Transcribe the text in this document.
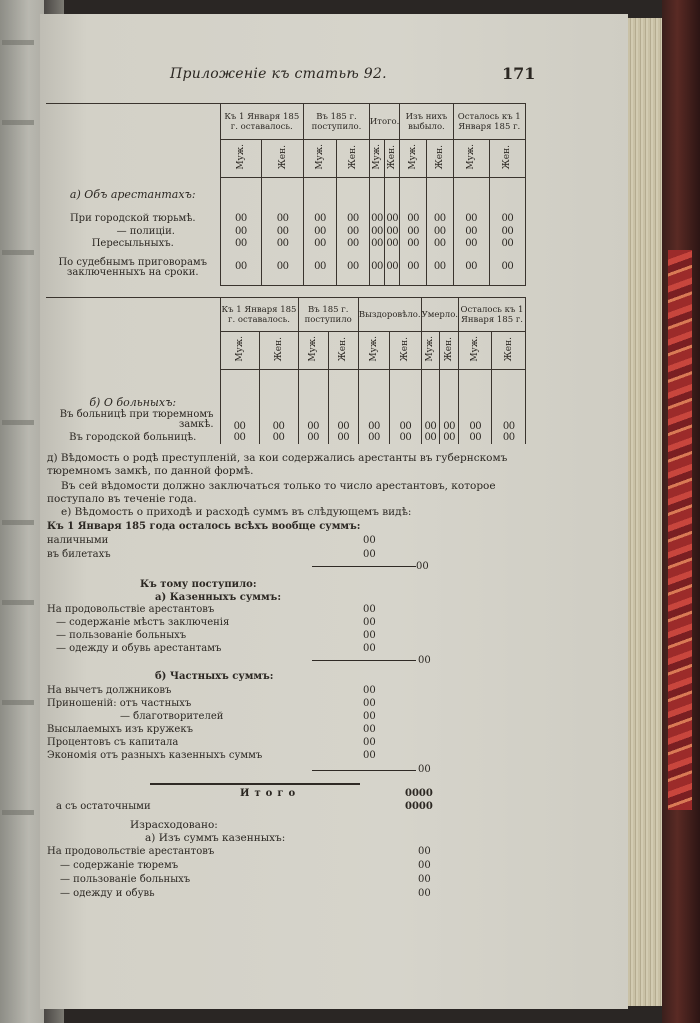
Приложеніе къ статьѣ 92.	171
	Къ 1 Января 185 г. оставалось.		Въ 185 г. поступило.		Итого.		Изъ нихъ выбыло.		Осталось къ 1 Января 185 г.	
	Муж.	Жен.	Муж.	Жен.	Муж.	Жен.	Муж.	Жен.	Муж.	Жен.
а) Объ арестантахъ:										
При городской тюрьмѣ.	00	00	00	00	00	00	00	00	00	00
— полиціи.	00	00	00	00	00	00	00	00	00	00
Пересыльныхъ.	00	00	00	00	00	00	00	00	00	00
По судебнымъ приговорамъ заключенныхъ на сроки.	00	00	00	00	00	00	00	00	00	00
	Къ 1 Января 185 г. оставалось.		Въ 185 г. поступило		Выздоровѣло.		Умерло.		Осталось къ 1 Января 185 г.	
	Муж.	Жен.	Муж.	Жен.	Муж.	Жен.	Муж.	Жен.	Муж.	Жен.
б) О больныхъ:										
Въ больницѣ при тюремномъ замкѣ.	00	00	00	00	00	00	00	00	00	00
Въ городской больницѣ.	00	00	00	00	00	00	00	00	00	00
д) Вѣдомость о родѣ преступленій, за кои содержались арестанты въ губернскомъ тюремномъ замкѣ, по данной формѣ.
Въ сей вѣдомости должно заключаться только то число арестантовъ, которое поступало въ теченіе года.
е) Вѣдомость о приходѣ и расходѣ суммъ въ слѣдующемъ видѣ:
Къ 1 Января 185 года осталось всѣхъ вообще суммъ:
наличными	00
въ билетахъ	00
00
Къ тому поступило:
а) Казенныхъ суммъ:
На продовольствіе арестантовъ	00
— содержаніе мѣстъ заключенія	00
— пользованіе больныхъ	00
— одежду и обувь арестантамъ	00
00
б) Частныхъ суммъ:
На вычетъ должниковъ	00
Приношеній: отъ частныхъ	00
— благотворителей	00
Высылаемыхъ изъ кружекъ	00
Процентовъ съ капитала	00
Экономія отъ разныхъ казенныхъ суммъ	00
00
Итого	0000
а съ остаточными	0000
Израсходовано:
а) Изъ суммъ казенныхъ:
На продовольствіе арестантовъ	00
— содержаніе тюремъ	00
— пользованіе больныхъ	00
— одежду и обувь	00
